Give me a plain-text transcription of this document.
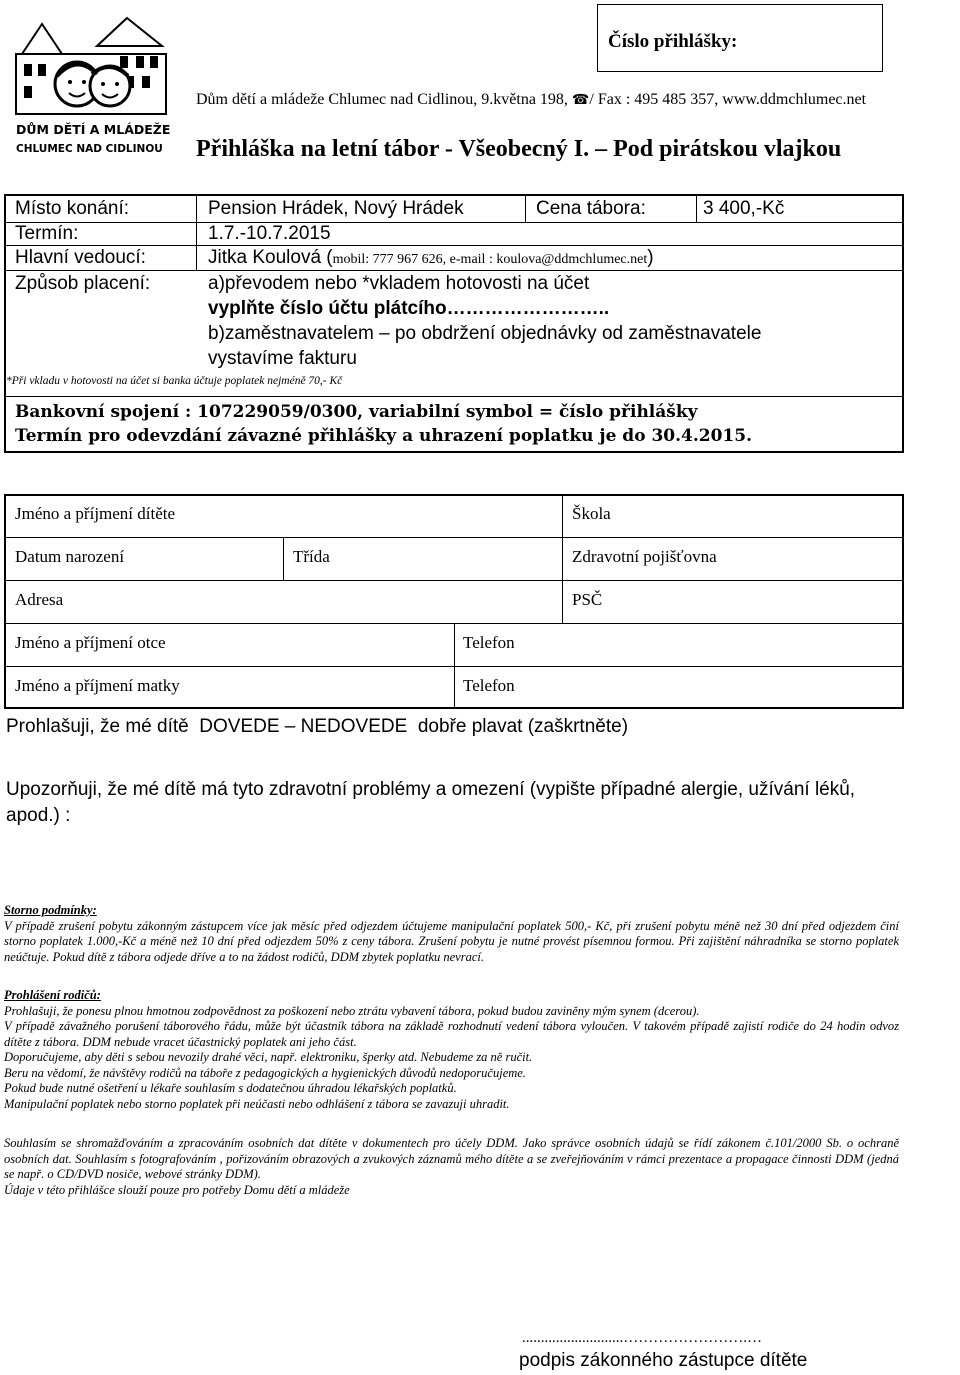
DŮM DĚTÍ A MLÁDEŽE
CHLUMEC NAD CIDLINOU
Číslo přihlášky:
Dům dětí a mládeže Chlumec nad Cidlinou, 9.května 198, ☎/ Fax : 495 485 357, www.ddmchlumec.net
Přihláška na letní tábor - Všeobecný I. – Pod pirátskou vlajkou
Místo konání:	Pension Hrádek, Nový Hrádek	Cena tábora:	3 400,-Kč
Termín:	1.7.-10.7.2015
Hlavní vedoucí:	Jitka Koulová (mobil: 777 967 626, e-mail : koulova@ddmchlumec.net)
Způsob placení:	a)převodem nebo *vkladem hotovosti na účet
vyplňte číslo účtu plátcího……………………..
b)zaměstnavatelem – po obdržení objednávky od zaměstnavatele
vystavíme fakturu
*Při vkladu v hotovosti na účet si banka účtuje poplatek nejméně 70,- Kč
Bankovní spojení : 107229059/0300, variabilní symbol = číslo přihlášky
Termín pro odevzdání závazné přihlášky a uhrazení poplatku je do 30.4.2015.
Jméno a příjmení dítěte	Škola
Datum narození	Třída	Zdravotní pojišťovna
Adresa	PSČ
Jméno a příjmení otce	Telefon
Jméno a příjmení matky	Telefon
Prohlašuji, že mé dítě DOVEDE – NEDOVEDE dobře plavat (zaškrtněte)
Upozorňuji, že mé dítě má tyto zdravotní problémy a omezení (vypište případné alergie, užívání léků,
apod.) :
Storno podmínky:
V případě zrušení pobytu zákonným zástupcem více jak měsíc před odjezdem účtujeme manipulační poplatek 500,- Kč, při zrušení pobytu méně než 30 dní před odjezdem činí storno poplatek 1.000,-Kč a méně než 10 dní před odjezdem 50% z ceny tábora. Zrušení pobytu je nutné provést písemnou formou. Při zajištění náhradníka se storno poplatek neúčtuje. Pokud dítě z tábora odjede dříve a to na žádost rodičů, DDM zbytek poplatku nevrací.
Prohlášení rodičů:
Prohlašuji, že ponesu plnou hmotnou zodpovědnost za poškození nebo ztrátu vybavení tábora, pokud budou zaviněny mým synem (dcerou).
V případě závažného porušení táborového řádu, může být účastník tábora na základě rozhodnutí vedení tábora vyloučen. V takovém případě zajistí rodiče do 24 hodin odvoz dítěte z tábora. DDM nebude vracet účastnický poplatek ani jeho část.
Doporučujeme, aby děti s sebou nevozily drahé věci, např. elektroniku, šperky atd. Nebudeme za ně ručit.
Beru na vědomí, že návštěvy rodičů na táboře z pedagogických a hygienických důvodů nedoporučujeme.
Pokud bude nutné ošetření u lékaře souhlasím s dodatečnou úhradou lékařských poplatků.
Manipulační poplatek nebo storno poplatek při neúčasti nebo odhlášení z tábora se zavazuji uhradit.
Souhlasím se shromažďováním a zpracováním osobních dat dítěte v dokumentech pro účely DDM. Jako správce osobních údajů se řídí zákonem č.101/2000 Sb. o ochraně osobních dat. Souhlasím s fotografováním , pořizováním obrazových a zvukových záznamů mého dítěte a se zveřejňováním v rámci prezentace a propagace činnosti DDM (jedná se např. o CD/DVD nosiče, webové stránky DDM).
Údaje v této přihlášce slouží pouze pro potřeby Domu dětí a mládeže
...........................…………………….…
podpis zákonného zástupce dítěte
